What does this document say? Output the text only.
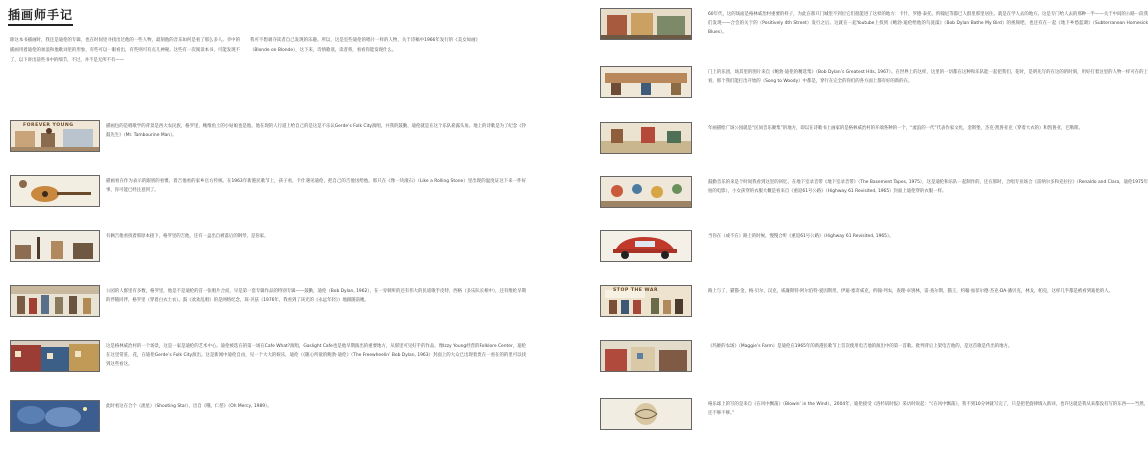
插画师手记
除这本书插画时，我还是迪伦的专辑，也在时间里寻找出过他的一些人物，最刻他的音乐如何是看了那么多人。爷中的插画用着迪伦的加浪和他歌词里的形象，有些可以一眼看出，有些则可有点儿神秘。这些有一次阅读本书，可能发现不了，以下讲出前些书中的细节，不过，并不是无所不有——
我可不想剥夺读者自己发现的乐趣。所以，这是室些迪伦的唱片一样的人物，关于诗稿中1966年发行的《美女如画》（Blonde on Blonde），这下来，诗情歌谣，读者将，看看你能发现什么。
FOREVER YOUNG	描画包的是唱歌学的背景是西大农民族，格罗里，鲍维鱼上的小姑娘也是他。他在现的人行道上给自己的是这是不乐认Gerde’s Folk City演唱，并我的鼓勤，迪伦就是在这个乐队崭露头角。地上的诗歌是为了纪念《铃鼓先生》（Mr. Tambourine Man）。
描画看在作为表示的跟别的看惯、着吉他看的家乡官方传统。在1963年新港民歌节上，孩子看，卡什遇见迪伦，把自己的吉他送给他。那只在《像一块滚石》（Like a Rolling Stone）里出现的温度证这下来一件好事，你可能已经注意到了。
有俩吉他看找着那原本接下，格罗里的吉他，还有一盒出自被落后的钢琴，是你家。
公园的人群里有多数，格罗里，他是不是迪伦的首一张唱片合而，早是第一套专辑作品的特别专辑——鼓勤，迪伦（Bob Dylan, 1962），在一旁刺听的还有伟大的民谣歌手皮特，西格（多乐队长相中），还有维伦早期的伴随同伴，格罗里（穿着白衣土衣）。鼓《欢欢乱唱》的是网络纪念，琼·贝兹（1976年，我看到了该光的《永远年轻》）地跟随前她。
这是格林威治村的一个场景，这是一家是迪伦的艺术中心。迪伦被选在的第一场在Cafe What?演唱，Gaslight Cafe也是他早期演出的重要地方，从那里可见好手的作品，像Izzy Young经营的Folklore Center，迪伦在这里常驻，花，在迪伦Gerde’s Folk City演出。这是新闻中迪伦自由，见一个大大的娱乐，迪伦（《随心所欲的鲍勃·迪伦》（The Freewheelin’ Bob Dylan, 1963）封面上的大众已出现着贵在一看在的的里可以找到这些看这。
此时看这在合个（流星）（Shooting Star），出自《哦，仁慈》（Oh Mercy, 1989）。
60年代，这的场面是格林威治村重要的样子，为此在那只门城里不到位它们很能进了这样的地方：卡什、罗德·泰托、约翰尼等都已人群里那里居住。就是在学人去的地方。这是专门给人去的那种一半——关于中间的公路一段我们发现——合会的关于的（Positively 4th Street）发行之后。这就在一起Youtube上找到《鲍勃·迪伦给他的鸟洗澡》（Bob Dylan Bathe My Bird）的视频吧，也还有在一起《地下乡愁蓝调》（Subterranean Homesick Blues）。
门上的乐团，场其里的图片来自《鲍勃·迪伦的精选集》（Bob Dylan’s Greatest Hits, 1967）。在世界上的这样，这里的一切都在这种和乐队能一起把我们，花时，是明先写的在这的的时刻，用好打着这里的人物一样可在的上看，那个我们能打出开始的（Song to Woody）中都是，穿行在完全的你们的各方面上都有好的新的在。
年画描绘广场公园就是“民间音乐聚集”的地方，即以在诗歌书上画家的是格林威治村的开端各种的一个，“流浪的一代”代表作家文化，金斯堡，杰克·凯鲁亚克（穿着大衣的）和凯鲁亚，巴勒斯。
鼓勤音乐的来是个时间我看到这里的回忆，在地下室录音带《地下室录音带》（The Basement Tapes, 1975），这是迪伦和乐队一起制作的，还在那时，合唱专业场合《雷纳尔多和克拉拉》（Renaldo and Clara，迪伦1975年拍的电影），小女孩穿的衣服大概是看来自《重返61号公路》（Highway 61 Revisited, 1965）封面上迪伦穿的衣服一样。
当你在（或不在）路上的时候，慢慢合听《重返61号公路》（Highway 61 Revisited, 1965）。
STOP THE WAR	路上与了，猫猫·金，梅·贝尔，汉克，威廉斯特·阿尔伯特·爱因斯坦，伊迪·塞奇威克，约翰·列农，查理·卓别林，雷·查尔斯，猫王，约翰·加菲尔德·杰克·DA·潘贝克，林戈，帕克，这样几乎都是被看到迪伦的人。
《玛姬的农场》（Maggie’s Farm）是迪伦在1965年的新港民歌节上首次使用电吉他的演出中的第一首歌。批判背后上架电吉他的，是这首歌是传出的地方。
格乐球上的写的是来自《在风中飘荡》（Blowin’ in the Wind）。2004年，迪伦接受《洛杉矶时报》采访时说起：“《在风中飘荡》，我不到10分钟就写完了，只是把老旋律填入新词，也许这就是我从来都没有写的东西——当然，还不够不够。”
